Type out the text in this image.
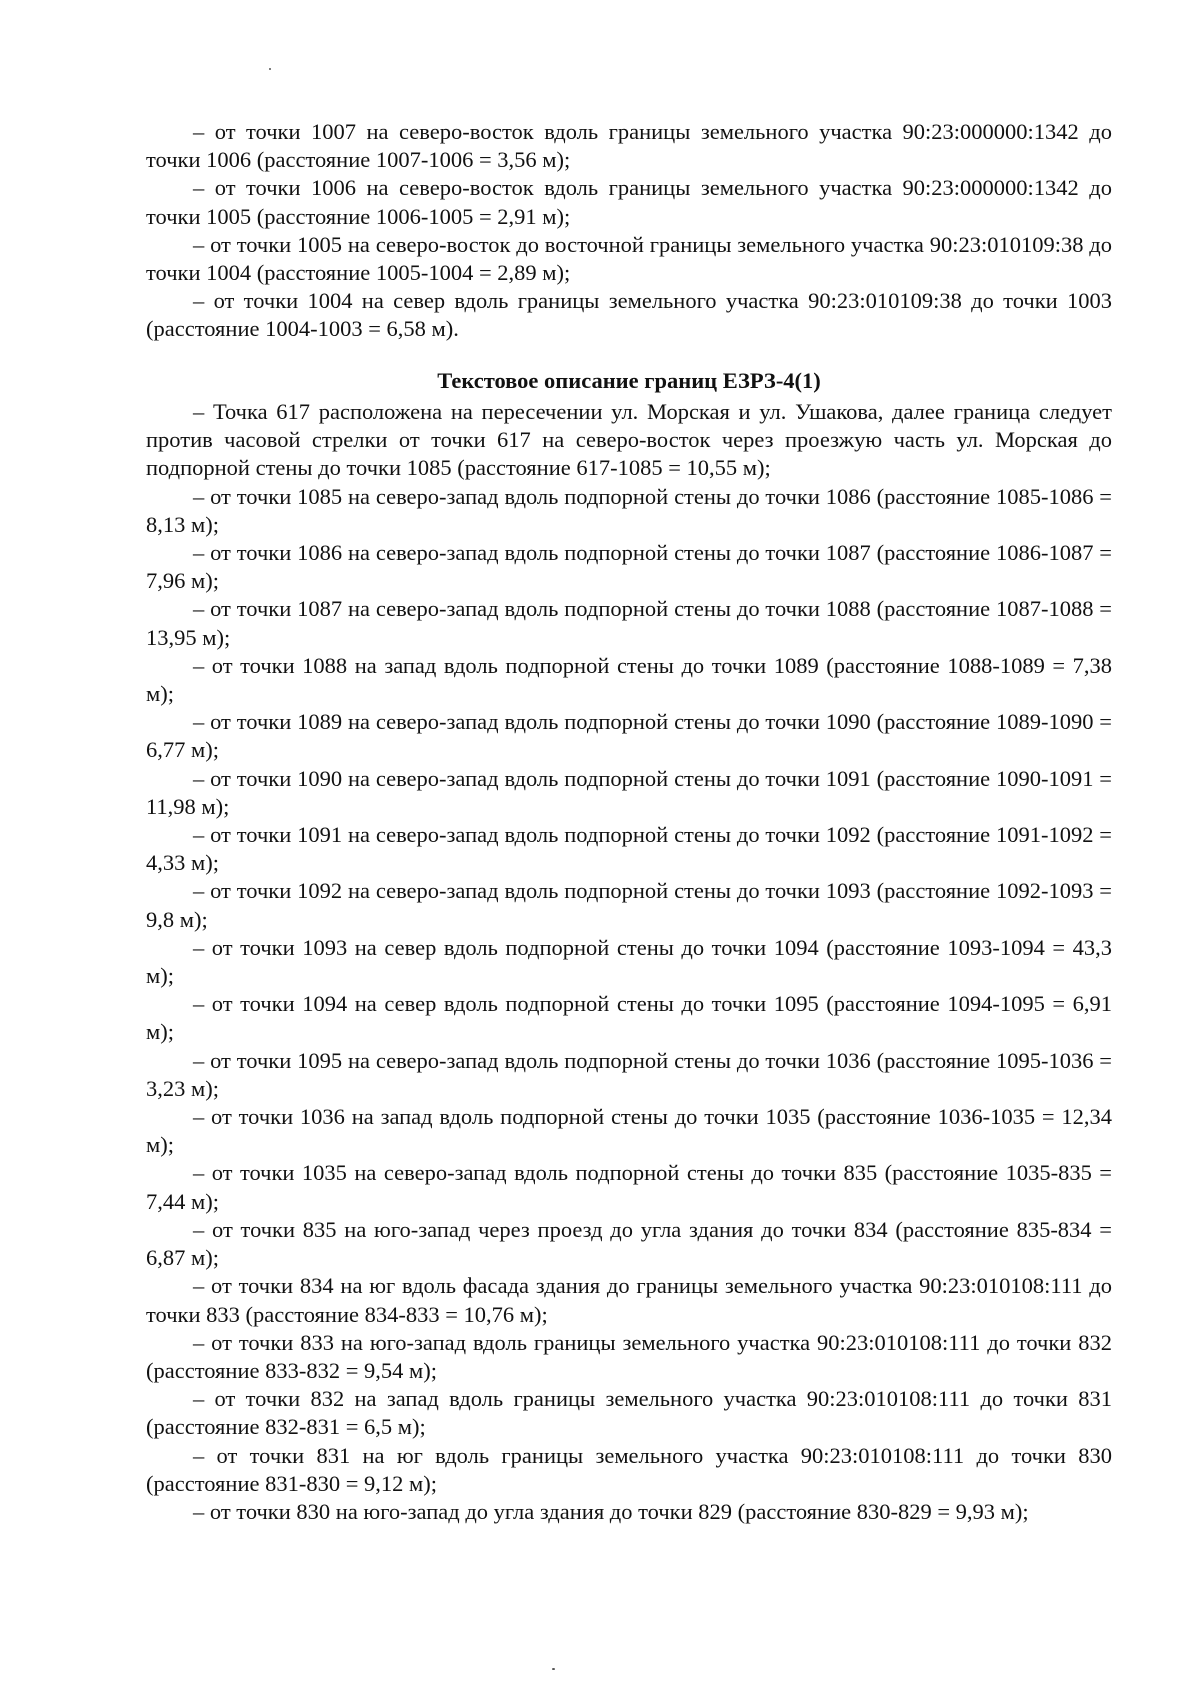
– от точки 1007 на северо-восток вдоль границы земельного участка 90:23:000000:1342 до точки 1006 (расстояние 1007-1006 = 3,56 м);

– от точки 1006 на северо-восток вдоль границы земельного участка 90:23:000000:1342 до точки 1005 (расстояние 1006-1005 = 2,91 м);

– от точки 1005 на северо-восток до восточной границы земельного участка 90:23:010109:38 до точки 1004 (расстояние 1005-1004 = 2,89 м);

– от точки 1004 на север вдоль границы земельного участка 90:23:010109:38 до точки 1003 (расстояние 1004-1003 = 6,58 м).

Текстовое описание границ ЕЗРЗ-4(1)

– Точка 617 расположена на пересечении ул. Морская и ул. Ушакова, далее граница следует против часовой стрелки от точки 617 на северо-восток через проезжую часть ул. Морская до подпорной стены до точки 1085 (расстояние 617-1085 = 10,55 м);

– от точки 1085 на северо-запад вдоль подпорной стены до точки 1086 (расстояние 1085-1086 = 8,13 м);

– от точки 1086 на северо-запад вдоль подпорной стены до точки 1087 (расстояние 1086-1087 = 7,96 м);

– от точки 1087 на северо-запад вдоль подпорной стены до точки 1088 (расстояние 1087-1088 = 13,95 м);

– от точки 1088 на запад вдоль подпорной стены до точки 1089 (расстояние 1088-1089 = 7,38 м);

– от точки 1089 на северо-запад вдоль подпорной стены до точки 1090 (расстояние 1089-1090 = 6,77 м);

– от точки 1090 на северо-запад вдоль подпорной стены до точки 1091 (расстояние 1090-1091 = 11,98 м);

– от точки 1091 на северо-запад вдоль подпорной стены до точки 1092 (расстояние 1091-1092 = 4,33 м);

– от точки 1092 на северо-запад вдоль подпорной стены до точки 1093 (расстояние 1092-1093 = 9,8 м);

– от точки 1093 на север вдоль подпорной стены до точки 1094 (расстояние 1093-1094 = 43,3 м);

– от точки 1094 на север вдоль подпорной стены до точки 1095 (расстояние 1094-1095 = 6,91 м);

– от точки 1095 на северо-запад вдоль подпорной стены до точки 1036 (расстояние 1095-1036 = 3,23 м);

– от точки 1036 на запад вдоль подпорной стены до точки 1035 (расстояние 1036-1035 = 12,34 м);

– от точки 1035 на северо-запад вдоль подпорной стены до точки 835 (расстояние 1035-835 = 7,44 м);

– от точки 835 на юго-запад через проезд до угла здания до точки 834 (расстояние 835-834 = 6,87 м);

– от точки 834 на юг вдоль фасада здания до границы земельного участка 90:23:010108:111 до точки 833 (расстояние 834-833 = 10,76 м);

– от точки 833 на юго-запад вдоль границы земельного участка 90:23:010108:111 до точки 832 (расстояние 833-832 = 9,54 м);

– от точки 832 на запад вдоль границы земельного участка 90:23:010108:111 до точки 831 (расстояние 832-831 = 6,5 м);

– от точки 831 на юг вдоль границы земельного участка 90:23:010108:111 до точки 830 (расстояние 831-830 = 9,12 м);

– от точки 830 на юго-запад до угла здания до точки 829 (расстояние 830-829 = 9,93 м);
